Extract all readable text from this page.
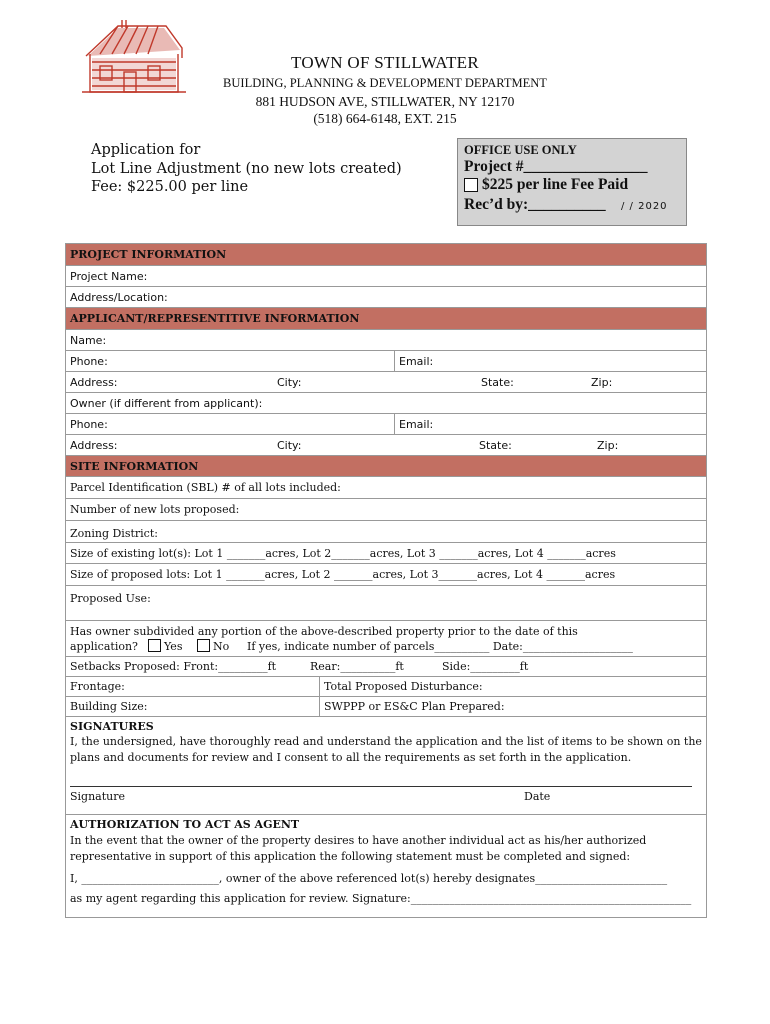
TOWN OF STILLWATER
BUILDING, PLANNING & DEVELOPMENT DEPARTMENT
881 HUDSON AVE, STILLWATER, NY 12170
(518) 664-6148, EXT. 215
Application for
Lot Line Adjustment (no new lots created)
Fee: $225.00 per line
OFFICE USE ONLY
Project #________________
$225 per line Fee Paid
Rec’d by:__________ / / 2020
PROJECT INFORMATION
Project Name:
Address/Location:
APPLICANT/REPRESENTITIVE INFORMATION
Name:
Phone:	Email:
Address:	City:	State:	Zip:
Owner (if different from applicant):
Phone:	Email:
Address:	City:	State:	Zip:
SITE INFORMATION
Parcel Identification (SBL) # of all lots included:
Number of new lots proposed:
Zoning District:
Size of existing lot(s): Lot 1 _______acres, Lot 2_______acres, Lot 3 _______acres, Lot 4 _______acres
Size of proposed lots: Lot 1 _______acres, Lot 2 _______acres, Lot 3_______acres, Lot 4 _______acres
Proposed Use:
Has owner subdivided any portion of the above-described property prior to the date of this
application? Yes	No If yes, indicate number of parcels__________ Date:____________________
Setbacks Proposed: Front:_________ft	Rear:__________ft	Side:_________ft
Frontage:	Total Proposed Disturbance:
Building Size:	SWPPP or ES&C Plan Prepared:
SIGNATURES
I, the undersigned, have thoroughly read and understand the application and the list of items to be shown on the
plans and documents for review and I consent to all the requirements as set forth in the application.
Signature	Date
AUTHORIZATION TO ACT AS AGENT
In the event that the owner of the property desires to have another individual act as his/her authorized
representative in support of this application the following statement must be completed and signed:
I, _________________________, owner of the above referenced lot(s) hereby designates________________________
as my agent regarding this application for review. Signature:___________________________________________________
